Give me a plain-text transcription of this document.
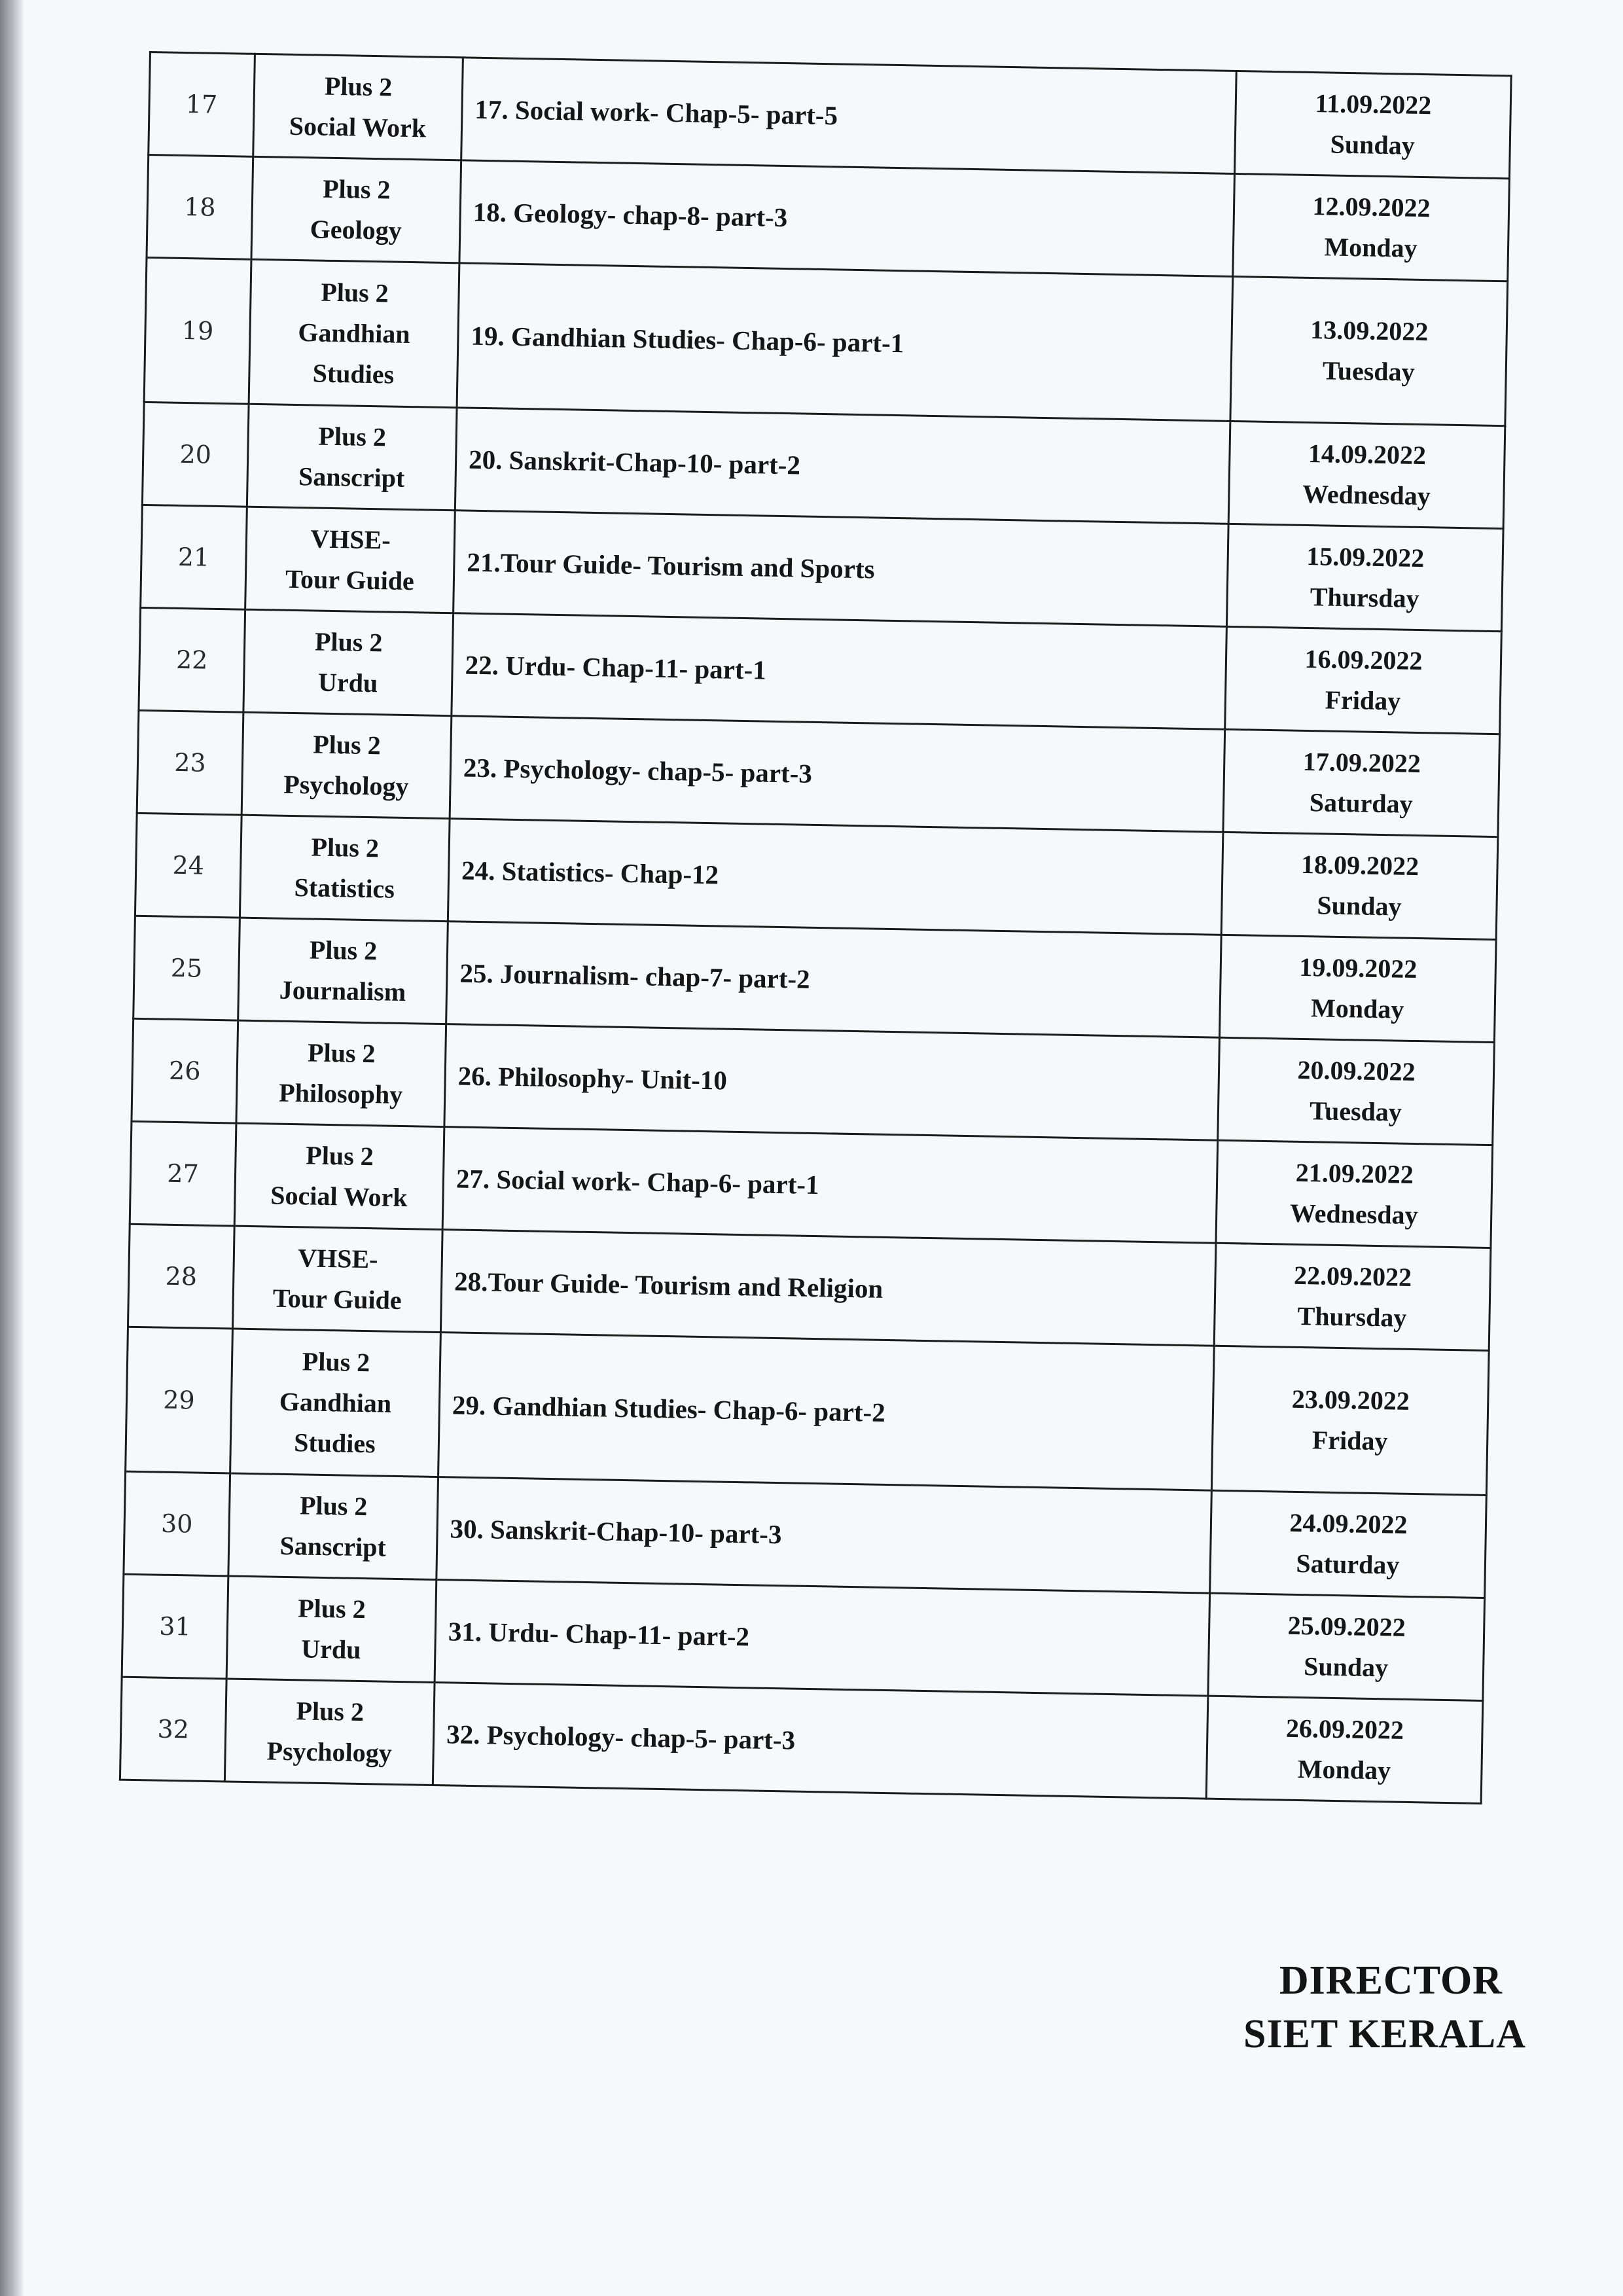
17	Plus 2
Social Work	17. Social work- Chap-5- part-5	11.09.2022
Sunday

18	Plus 2
Geology	18. Geology- chap-8- part-3	12.09.2022
Monday

19	Plus 2
Gandhian
Studies	19. Gandhian Studies- Chap-6- part-1	13.09.2022
Tuesday

20	Plus 2
Sanscript	20. Sanskrit-Chap-10- part-2	14.09.2022
Wednesday

21	VHSE-
Tour Guide	21.Tour Guide- Tourism and Sports	15.09.2022
Thursday

22	Plus 2
Urdu	22. Urdu- Chap-11- part-1	16.09.2022
Friday

23	Plus 2
Psychology	23. Psychology- chap-5- part-3	17.09.2022
Saturday

24	Plus 2
Statistics	24. Statistics- Chap-12	18.09.2022
Sunday

25	Plus 2
Journalism	25. Journalism- chap-7- part-2	19.09.2022
Monday

26	Plus 2
Philosophy	26. Philosophy- Unit-10	20.09.2022
Tuesday

27	Plus 2
Social Work	27. Social work- Chap-6- part-1	21.09.2022
Wednesday

28	VHSE-
Tour Guide	28.Tour Guide- Tourism and Religion	22.09.2022
Thursday

29	Plus 2
Gandhian
Studies	29. Gandhian Studies- Chap-6- part-2	23.09.2022
Friday

30	Plus 2
Sanscript	30. Sanskrit-Chap-10- part-3	24.09.2022
Saturday

31	Plus 2
Urdu	31. Urdu- Chap-11- part-2	25.09.2022
Sunday

32	Plus 2
Psychology	32. Psychology- chap-5- part-3	26.09.2022
Monday
DIRECTOR
SIET KERALA
